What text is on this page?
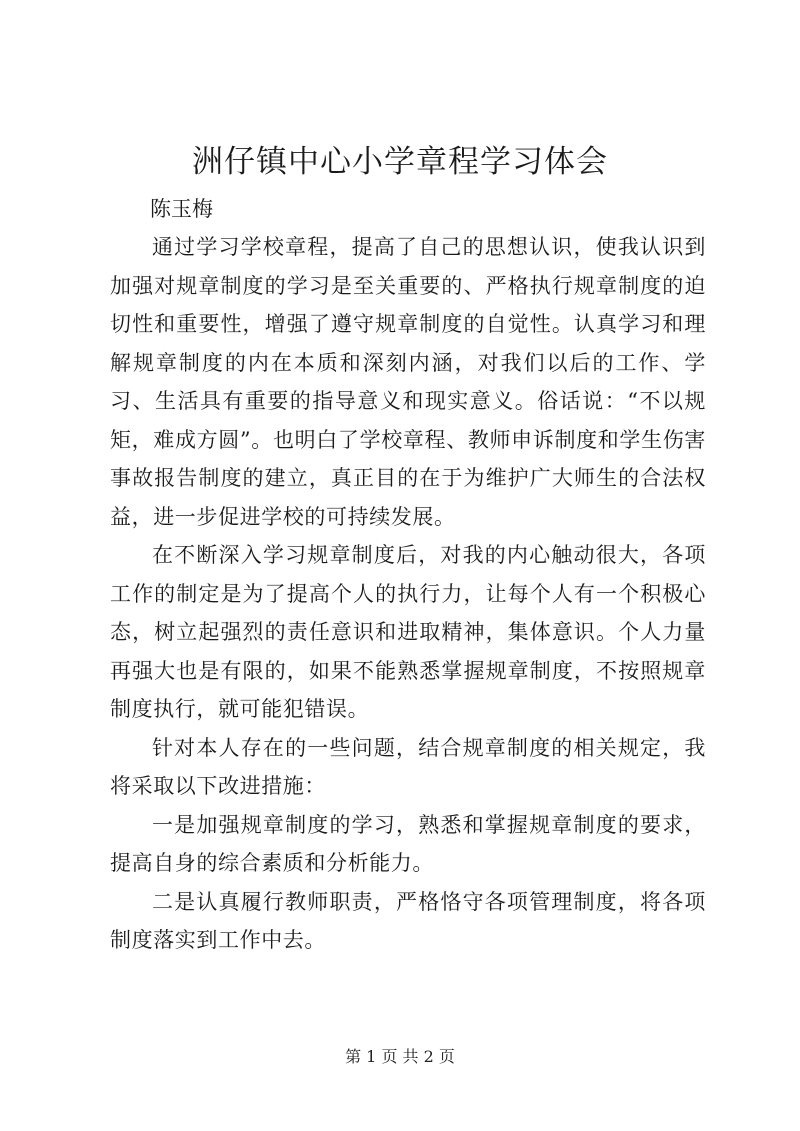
洲仔镇中心小学章程学习体会

陈玉梅

通过学习学校章程，提高了自己的思想认识，使我认识到加强对规章制度的学习是至关重要的、严格执行规章制度的迫切性和重要性，增强了遵守规章制度的自觉性。认真学习和理解规章制度的内在本质和深刻内涵，对我们以后的工作、学习、生活具有重要的指导意义和现实意义。俗话说：“不以规矩，难成方圆”。也明白了学校章程、教师申诉制度和学生伤害事故报告制度的建立，真正目的在于为维护广大师生的合法权益，进一步促进学校的可持续发展。

在不断深入学习规章制度后，对我的内心触动很大，各项工作的制定是为了提高个人的执行力，让每个人有一个积极心态，树立起强烈的责任意识和进取精神，集体意识。个人力量再强大也是有限的，如果不能熟悉掌握规章制度，不按照规章制度执行，就可能犯错误。

针对本人存在的一些问题，结合规章制度的相关规定，我将采取以下改进措施：

一是加强规章制度的学习，熟悉和掌握规章制度的要求，提高自身的综合素质和分析能力。

二是认真履行教师职责，严格恪守各项管理制度，将各项制度落实到工作中去。

第 1 页 共 2 页
